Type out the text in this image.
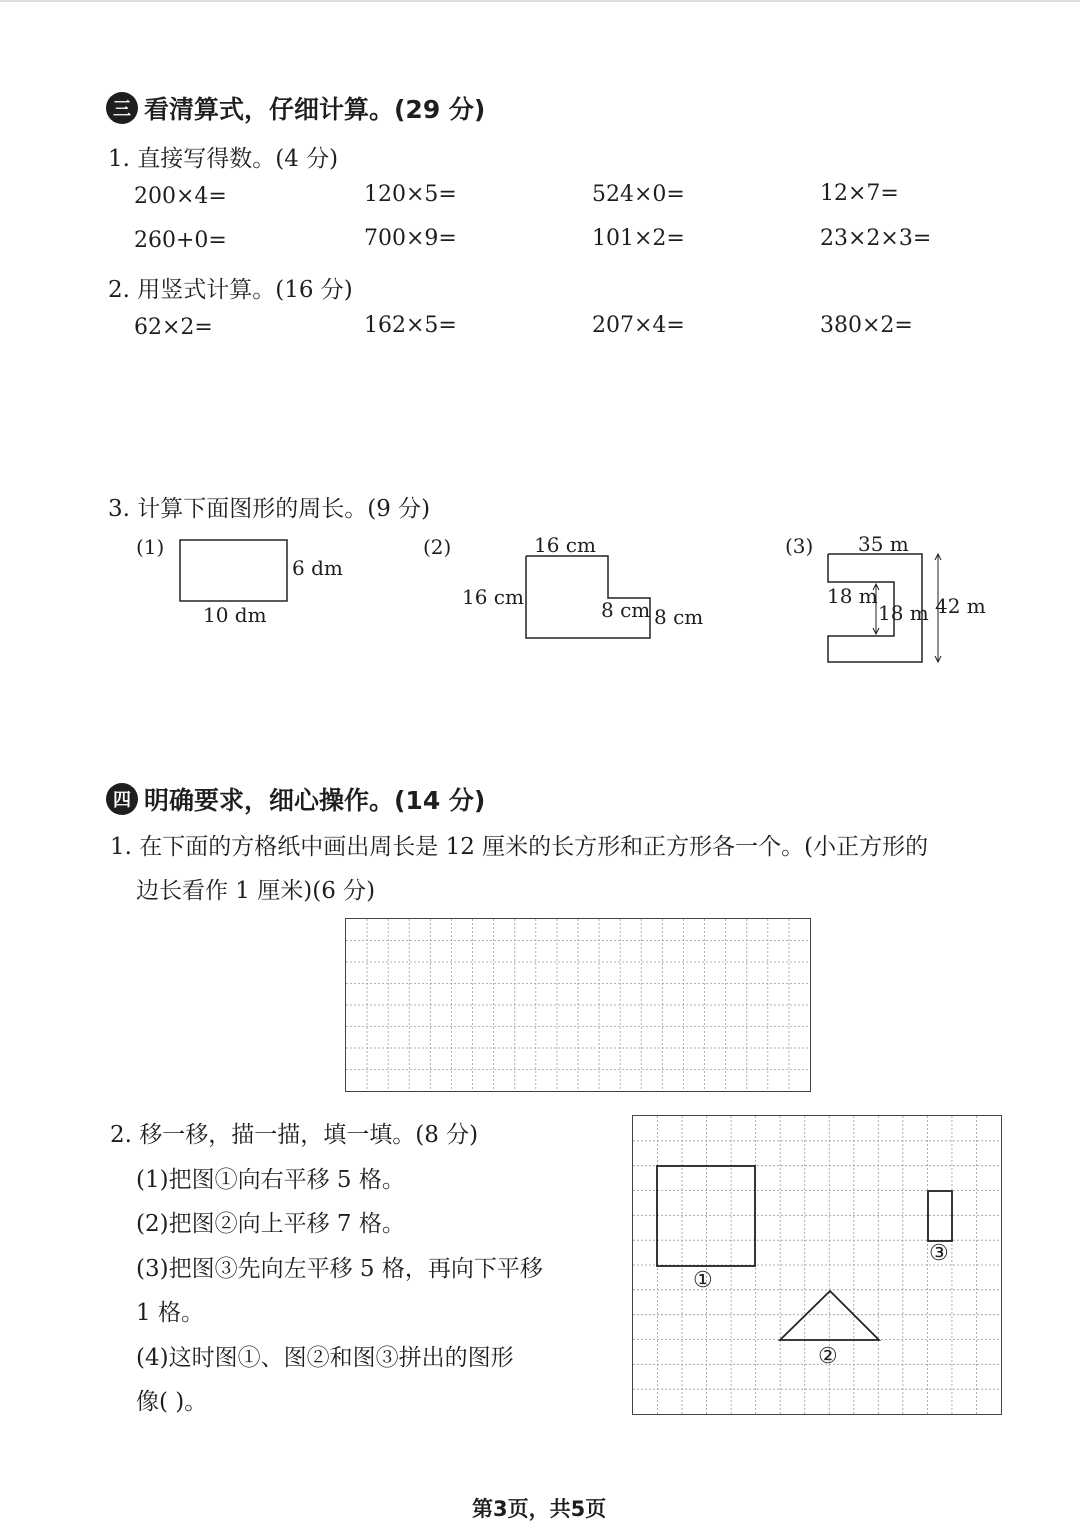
三 看清算式，仔细计算。(29 分)
1. 直接写得数。(4 分)
200×4=	120×5=	524×0=	12×7=
260+0=	700×9=	101×2=	23×2×3=
2. 用竖式计算。(16 分)
62×2=	162×5=	207×4=	380×2=
3. 计算下面图形的周长。(9 分)
(1)
6 dm
10 dm
(2)	16 cm
16 cm
8 cm 8 cm
(3) 35 m
18 m
18 m 42 m
四 明确要求，细心操作。(14 分)
1. 在下面的方格纸中画出周长是 12 厘米的长方形和正方形各一个。(小正方形的
边长看作 1 厘米)(6 分)
2. 移一移，描一描，填一填。(8 分)
(1)把图①向右平移 5 格。
(2)把图②向上平移 7 格。
(3)把图③先向左平移 5 格，再向下平移
1 格。
(4)这时图①、图②和图③拼出的图形
像( )。
①
②
③
第3页，共5页
